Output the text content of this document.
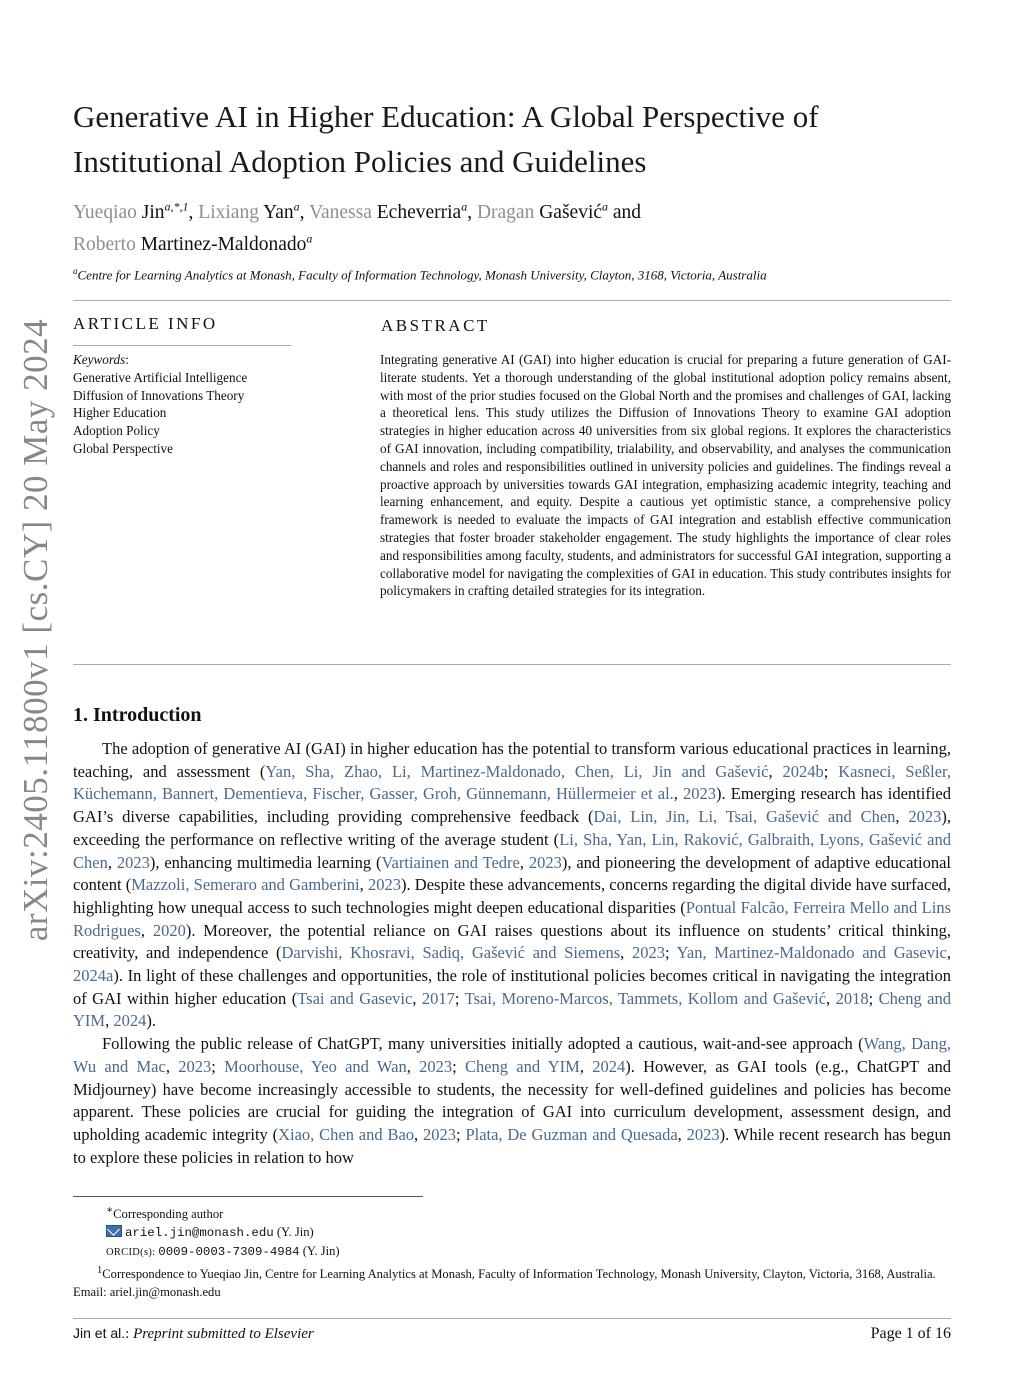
arXiv:2405.11800v1 [cs.CY] 20 May 2024
Generative AI in Higher Education: A Global Perspective of Institutional Adoption Policies and Guidelines
Yueqiao Jin$^{a,*,1}$, Lixiang Yan$^a$, Vanessa Echeverria$^a$, Dragan Gašević$^a$ and
Roberto Martinez-Maldonado$^a$
$^a$Centre for Learning Analytics at Monash, Faculty of Information Technology, Monash University, Clayton, 3168, Victoria, Australia
ARTICLE INFO
Keywords:
Generative Artificial Intelligence
Diffusion of Innovations Theory
Higher Education
Adoption Policy
Global Perspective
ABSTRACT

Integrating generative AI (GAI) into higher education is crucial for preparing a future generation of GAI-literate students. Yet a thorough understanding of the global institutional adoption policy remains absent, with most of the prior studies focused on the Global North and the promises and challenges of GAI, lacking a theoretical lens. This study utilizes the Diffusion of Innovations Theory to examine GAI adoption strategies in higher education across 40 universities from six global regions. It explores the characteristics of GAI innovation, including compatibility, trialability, and observability, and analyses the communication channels and roles and responsibilities outlined in university policies and guidelines. The findings reveal a proactive approach by universities towards GAI integration, emphasizing academic integrity, teaching and learning enhancement, and equity. Despite a cautious yet optimistic stance, a comprehensive policy framework is needed to evaluate the impacts of GAI integration and establish effective communication strategies that foster broader stakeholder engagement. The study highlights the importance of clear roles and responsibilities among faculty, students, and administrators for successful GAI integration, supporting a collaborative model for navigating the complexities of GAI in education. This study contributes insights for policymakers in crafting detailed strategies for its integration.

1. Introduction

The adoption of generative AI (GAI) in higher education has the potential to transform various educational practices in learning, teaching, and assessment (Yan, Sha, Zhao, Li, Martinez-Maldonado, Chen, Li, Jin and Gašević, 2024b; Kasneci, Seßler, Küchemann, Bannert, Dementieva, Fischer, Gasser, Groh, Günnemann, Hüllermeier et al., 2023). Emerging research has identified GAI’s diverse capabilities, including providing comprehensive feedback (Dai, Lin, Jin, Li, Tsai, Gašević and Chen, 2023), exceeding the performance on reflective writing of the average student (Li, Sha, Yan, Lin, Raković, Galbraith, Lyons, Gašević and Chen, 2023), enhancing multimedia learning (Vartiainen and Tedre, 2023), and pioneering the development of adaptive educational content (Mazzoli, Semeraro and Gamberini, 2023). Despite these advancements, concerns regarding the digital divide have surfaced, highlighting how unequal access to such technologies might deepen educational disparities (Pontual Falcão, Ferreira Mello and Lins Rodrigues, 2020). Moreover, the potential reliance on GAI raises questions about its influence on students’ critical thinking, creativity, and independence (Darvishi, Khosravi, Sadiq, Gašević and Siemens, 2023; Yan, Martinez-Maldonado and Gasevic, 2024a). In light of these challenges and opportunities, the role of institutional policies becomes critical in navigating the integration of GAI within higher education (Tsai and Gasevic, 2017; Tsai, Moreno-Marcos, Tammets, Kollom and Gašević, 2018; Cheng and YIM, 2024).

Following the public release of ChatGPT, many universities initially adopted a cautious, wait-and-see approach (Wang, Dang, Wu and Mac, 2023; Moorhouse, Yeo and Wan, 2023; Cheng and YIM, 2024). However, as GAI tools (e.g., ChatGPT and Midjourney) have become increasingly accessible to students, the necessity for well-defined guidelines and policies has become apparent. These policies are crucial for guiding the integration of GAI into curriculum development, assessment design, and upholding academic integrity (Xiao, Chen and Bao, 2023; Plata, De Guzman and Quesada, 2023). While recent research has begun to explore these policies in relation to how

∗Corresponding author
ariel.jin@monash.edu (Y. Jin)
ORCID(s): 0009-0003-7309-4984 (Y. Jin)
$^1$Correspondence to Yueqiao Jin, Centre for Learning Analytics at Monash, Faculty of Information Technology, Monash University, Clayton, Victoria, 3168, Australia. Email: ariel.jin@monash.edu
Jin et al.: Preprint submitted to Elsevier	Page 1 of 16
